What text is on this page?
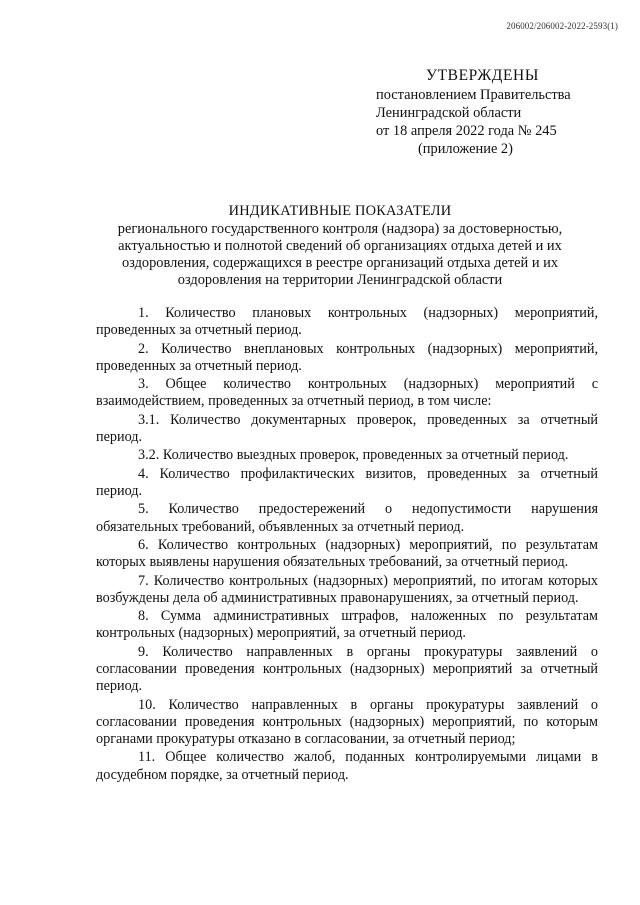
206002/206002-2022-2593(1)
УТВЕРЖДЕНЫ
постановлением Правительства
Ленинградской области
от 18 апреля 2022 года № 245
(приложение 2)
ИНДИКАТИВНЫЕ ПОКАЗАТЕЛИ
регионального государственного контроля (надзора) за достоверностью,
актуальностью и полнотой сведений об организациях отдыха детей и их
оздоровления, содержащихся в реестре организаций отдыха детей и их
оздоровления на территории Ленинградской области

1. Количество плановых контрольных (надзорных) мероприятий, проведенных за отчетный период.

2. Количество внеплановых контрольных (надзорных) мероприятий, проведенных за отчетный период.

3. Общее количество контрольных (надзорных) мероприятий с взаимодействием, проведенных за отчетный период, в том числе:

3.1. Количество документарных проверок, проведенных за отчетный период.

3.2. Количество выездных проверок, проведенных за отчетный период.

4. Количество профилактических визитов, проведенных за отчетный период.

5. Количество предостережений о недопустимости нарушения обязательных требований, объявленных за отчетный период.

6. Количество контрольных (надзорных) мероприятий, по результатам которых выявлены нарушения обязательных требований, за отчетный период.

7. Количество контрольных (надзорных) мероприятий, по итогам которых возбуждены дела об административных правонарушениях, за отчетный период.

8. Сумма административных штрафов, наложенных по результатам контрольных (надзорных) мероприятий, за отчетный период.

9. Количество направленных в органы прокуратуры заявлений о согласовании проведения контрольных (надзорных) мероприятий за отчетный период.

10. Количество направленных в органы прокуратуры заявлений о согласовании проведения контрольных (надзорных) мероприятий, по которым органами прокуратуры отказано в согласовании, за отчетный период;

11. Общее количество жалоб, поданных контролируемыми лицами в досудебном порядке, за отчетный период.
